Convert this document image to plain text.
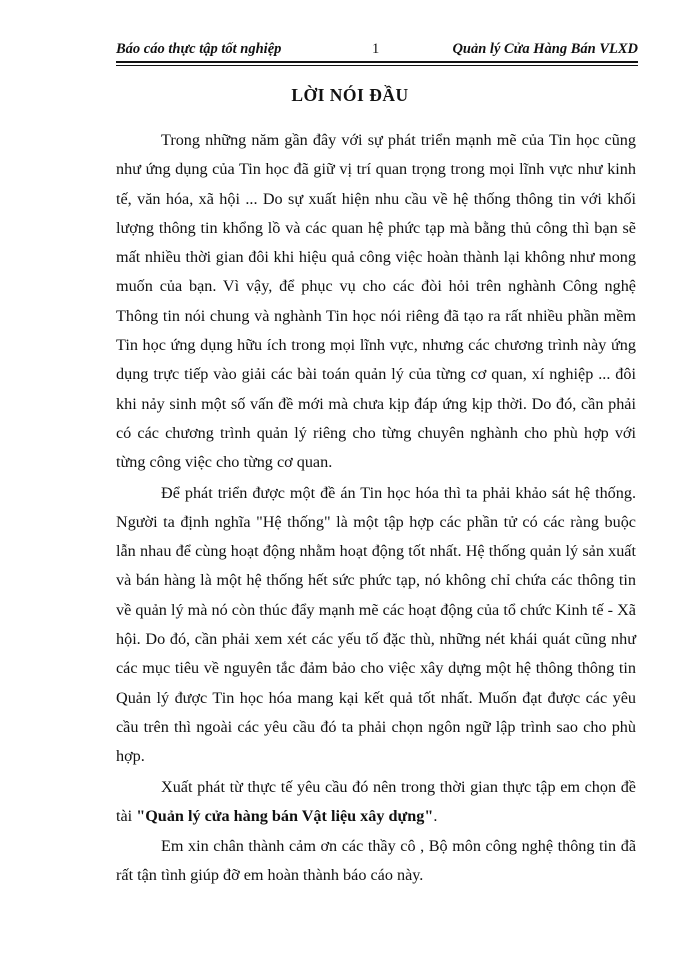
Báo cáo thực tập tốt nghiệp	1	Quản lý Cửa Hàng Bán VLXD
LỜI NÓI ĐẦU

Trong những năm gần đây với sự phát triển mạnh mẽ của Tin học cũng như ứng dụng của Tin học đã giữ vị trí quan trọng trong mọi lĩnh vực như kinh tế, văn hóa, xã hội ... Do sự xuất hiện nhu cầu về hệ thống thông tin với khối lượng thông tin khổng lồ và các quan hệ phức tạp mà bằng thủ công thì bạn sẽ mất nhiều thời gian đôi khi hiệu quả công việc hoàn thành lại không như mong muốn của bạn. Vì vậy, để phục vụ cho các đòi hỏi trên nghành Công nghệ Thông tin nói chung và nghành Tin học nói riêng đã tạo ra rất nhiều phần mềm Tin học ứng dụng hữu ích trong mọi lĩnh vực, nhưng các chương trình này ứng dụng trực tiếp vào giải các bài toán quản lý của từng cơ quan, xí nghiệp ... đôi khi nảy sinh một số vấn đề mới mà chưa kịp đáp ứng kịp thời. Do đó, cần phải có các chương trình quản lý riêng cho từng chuyên nghành cho phù hợp với từng công việc cho từng cơ quan.

Để phát triển được một đề án Tin học hóa thì ta phải khảo sát hệ thống. Người ta định nghĩa "Hệ thống" là một tập hợp các phần tử có các ràng buộc lẫn nhau để cùng hoạt động nhằm hoạt động tốt nhất. Hệ thống quản lý sản xuất và bán hàng là một hệ thống hết sức phức tạp, nó không chỉ chứa các thông tin về quản lý mà nó còn thúc đẩy mạnh mẽ các hoạt động của tổ chức Kinh tế - Xã hội. Do đó, cần phải xem xét các yếu tố đặc thù, những nét khái quát cũng như các mục tiêu về nguyên tắc đảm bảo cho việc xây dựng một hệ thông thông tin Quản lý được Tin học hóa mang kại kết quả tốt nhất. Muốn đạt được các yêu cầu trên thì ngoài các yêu cầu đó ta phải chọn ngôn ngữ lập trình sao cho phù hợp.

Xuất phát từ thực tế yêu cầu đó nên trong thời gian thực tập em chọn đề tài "Quản lý cửa hàng bán Vật liệu xây dựng".

Em xin chân thành cảm ơn các thầy cô , Bộ môn công nghệ thông tin đã rất tận tình giúp đỡ em hoàn thành báo cáo này.
